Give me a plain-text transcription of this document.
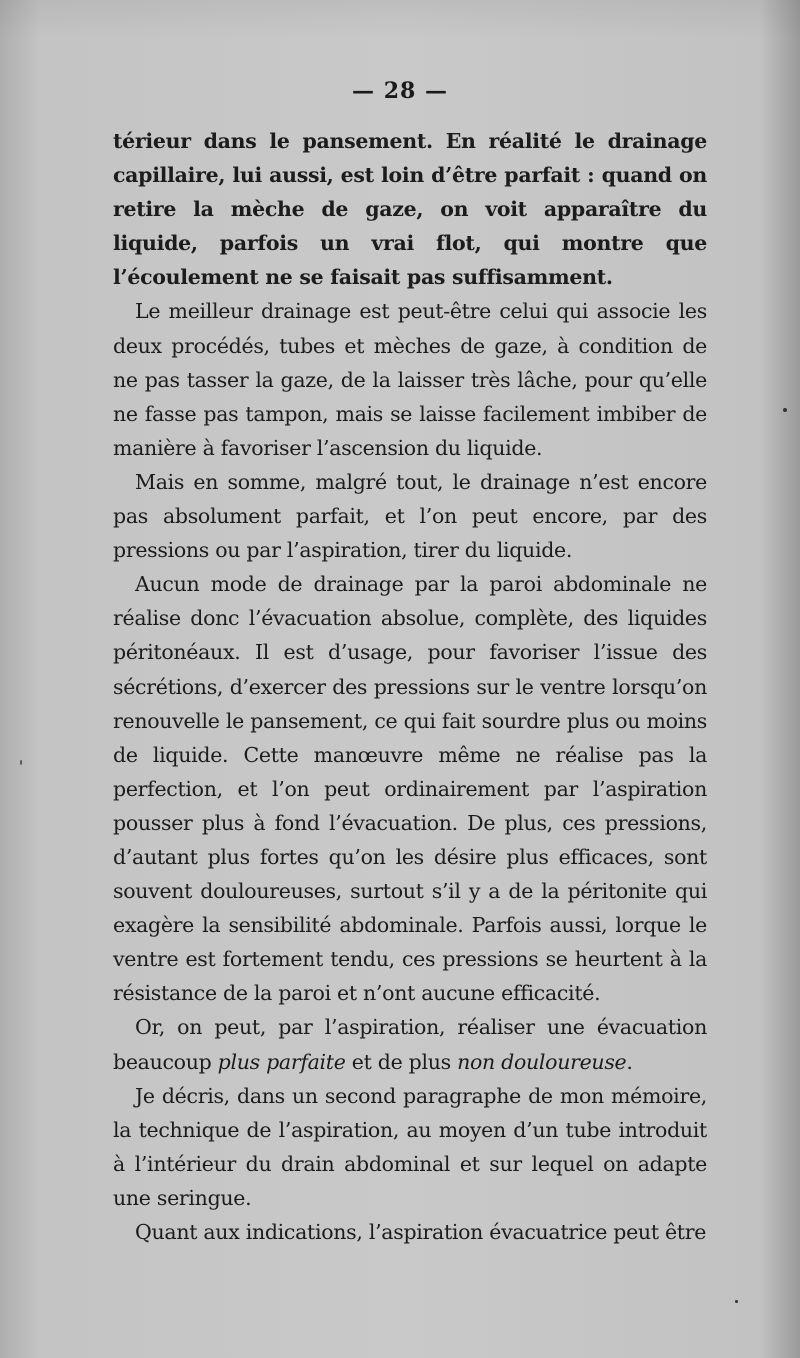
— 28 —

térieur dans le pansement. En réalité le drainage capillaire, lui aussi, est loin d’être parfait : quand on retire la mèche de gaze, on voit apparaître du liquide, parfois un vrai flot, qui montre que l’écoulement ne se faisait pas suffisamment.

Le meilleur drainage est peut-être celui qui associe les deux procédés, tubes et mèches de gaze, à condition de ne pas tasser la gaze, de la laisser très lâche, pour qu’elle ne fasse pas tampon, mais se laisse facilement imbiber de manière à favoriser l’ascension du liquide.

Mais en somme, malgré tout, le drainage n’est encore pas absolument parfait, et l’on peut encore, par des pressions ou par l’aspiration, tirer du liquide.

Aucun mode de drainage par la paroi abdominale ne réalise donc l’évacuation absolue, complète, des liquides péritonéaux. Il est d’usage, pour favoriser l’issue des sécrétions, d’exercer des pressions sur le ventre lorsqu’on renouvelle le pansement, ce qui fait sourdre plus ou moins de liquide. Cette manœuvre même ne réalise pas la perfection, et l’on peut ordinairement par l’aspiration pousser plus à fond l’évacuation. De plus, ces pressions, d’autant plus fortes qu’on les désire plus efficaces, sont souvent douloureuses, surtout s’il y a de la péritonite qui exagère la sensibilité abdominale. Parfois aussi, lorque le ventre est fortement tendu, ces pressions se heurtent à la résistance de la paroi et n’ont aucune efficacité.

Or, on peut, par l’aspiration, réaliser une évacuation beaucoup plus parfaite et de plus non douloureuse.

Je décris, dans un second paragraphe de mon mémoire, la technique de l’aspiration, au moyen d’un tube introduit à l’intérieur du drain abdominal et sur lequel on adapte une seringue.

Quant aux indications, l’aspiration évacuatrice peut être
